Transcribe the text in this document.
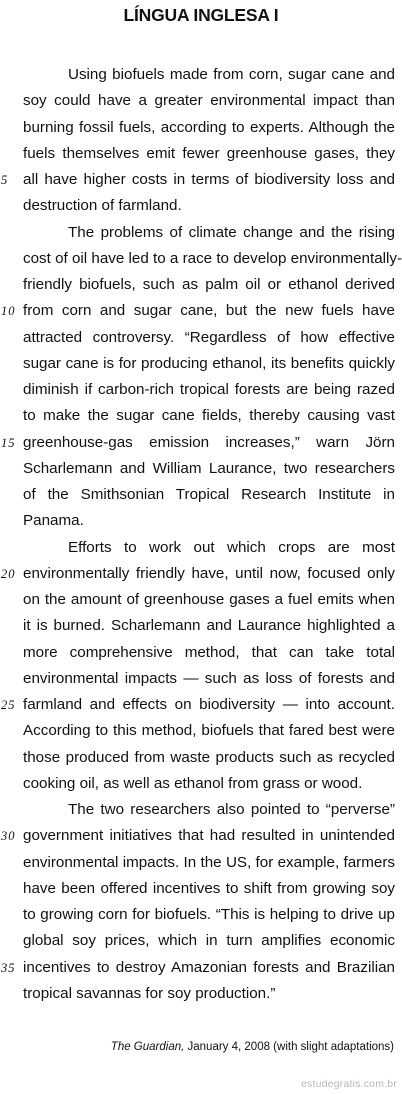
LÍNGUA INGLESA I
Using biofuels made from corn, sugar cane and
soy could have a greater environmental impact than
burning fossil fuels, according to experts. Although the
fuels themselves emit fewer greenhouse gases, they
5 all have higher costs in terms of biodiversity loss and
destruction of farmland.
The problems of climate change and the rising
cost of oil have led to a race to develop environmentally-
friendly biofuels, such as palm oil or ethanol derived
10 from corn and sugar cane, but the new fuels have
attracted controversy. “Regardless of how effective
sugar cane is for producing ethanol, its benefits quickly
diminish if carbon-rich tropical forests are being razed
to make the sugar cane fields, thereby causing vast
15 greenhouse-gas emission increases,” warn Jörn
Scharlemann and William Laurance, two researchers
of the Smithsonian Tropical Research Institute in
Panama.
Efforts to work out which crops are most
20 environmentally friendly have, until now, focused only
on the amount of greenhouse gases a fuel emits when
it is burned. Scharlemann and Laurance highlighted a
more comprehensive method, that can take total
environmental impacts — such as loss of forests and
25 farmland and effects on biodiversity — into account.
According to this method, biofuels that fared best were
those produced from waste products such as recycled
cooking oil, as well as ethanol from grass or wood.
The two researchers also pointed to “perverse”
30 government initiatives that had resulted in unintended
environmental impacts. In the US, for example, farmers
have been offered incentives to shift from growing soy
to growing corn for biofuels. “This is helping to drive up
global soy prices, which in turn amplifies economic
35 incentives to destroy Amazonian forests and Brazilian
tropical savannas for soy production.”
The Guardian, January 4, 2008 (with slight adaptations)
estudegratis.com.br
